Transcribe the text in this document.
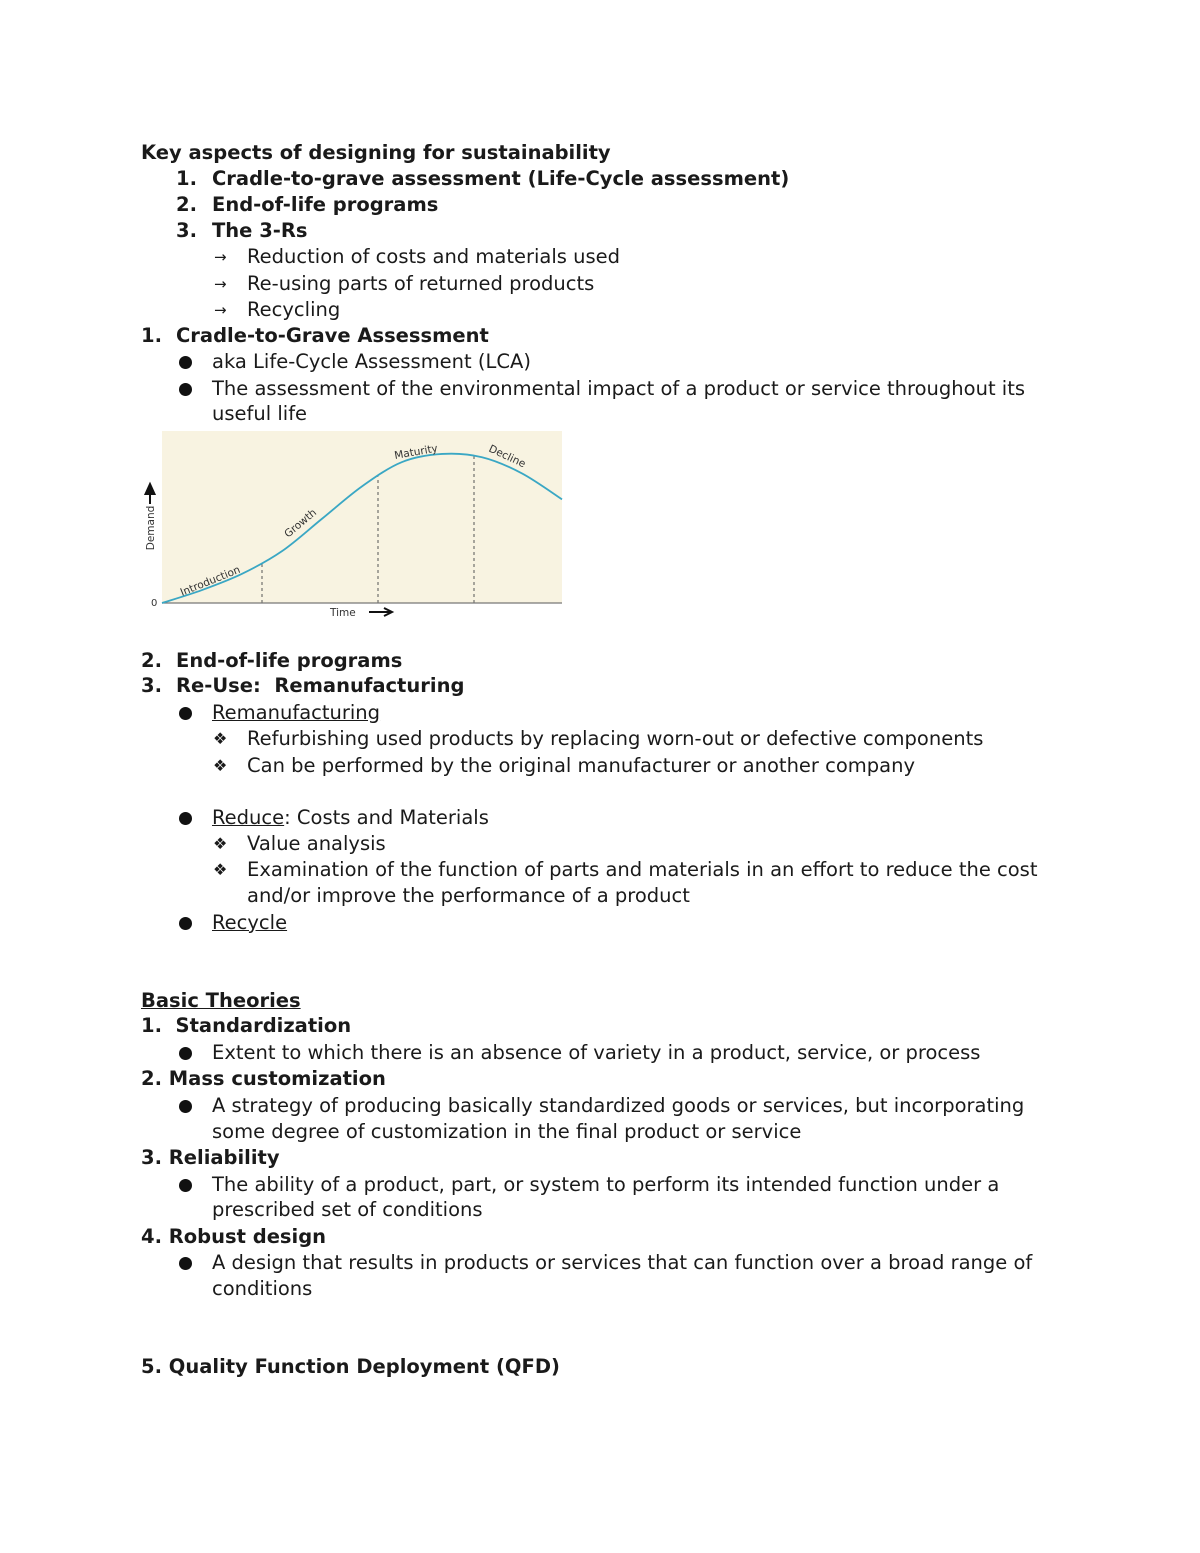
Key aspects of designing for sustainability
1. Cradle-to-grave assessment (Life-Cycle assessment)
2. End-of-life programs
3. The 3-Rs
→ Reduction of costs and materials used
→ Re-using parts of returned products
→ Recycling
1. Cradle-to-Grave Assessment
aka Life-Cycle Assessment (LCA)
The assessment of the environmental impact of a product or service throughout its
useful life
Introduction
Growth
Maturity	Decline
Demand
0
Time
2. End-of-life programs
3. Re-Use:  Remanufacturing
Remanufacturing
❖ Refurbishing used products by replacing worn-out or defective components
❖ Can be performed by the original manufacturer or another company
Reduce: Costs and Materials
❖ Value analysis
❖ Examination of the function of parts and materials in an effort to reduce the cost
and/or improve the performance of a product
Recycle
Basic Theories
1.  Standardization
Extent to which there is an absence of variety in a product, service, or process
2. Mass customization
A strategy of producing basically standardized goods or services, but incorporating
some degree of customization in the final product or service
3. Reliability
The ability of a product, part, or system to perform its intended function under a
prescribed set of conditions
4. Robust design
A design that results in products or services that can function over a broad range of
conditions
5. Quality Function Deployment (QFD)
